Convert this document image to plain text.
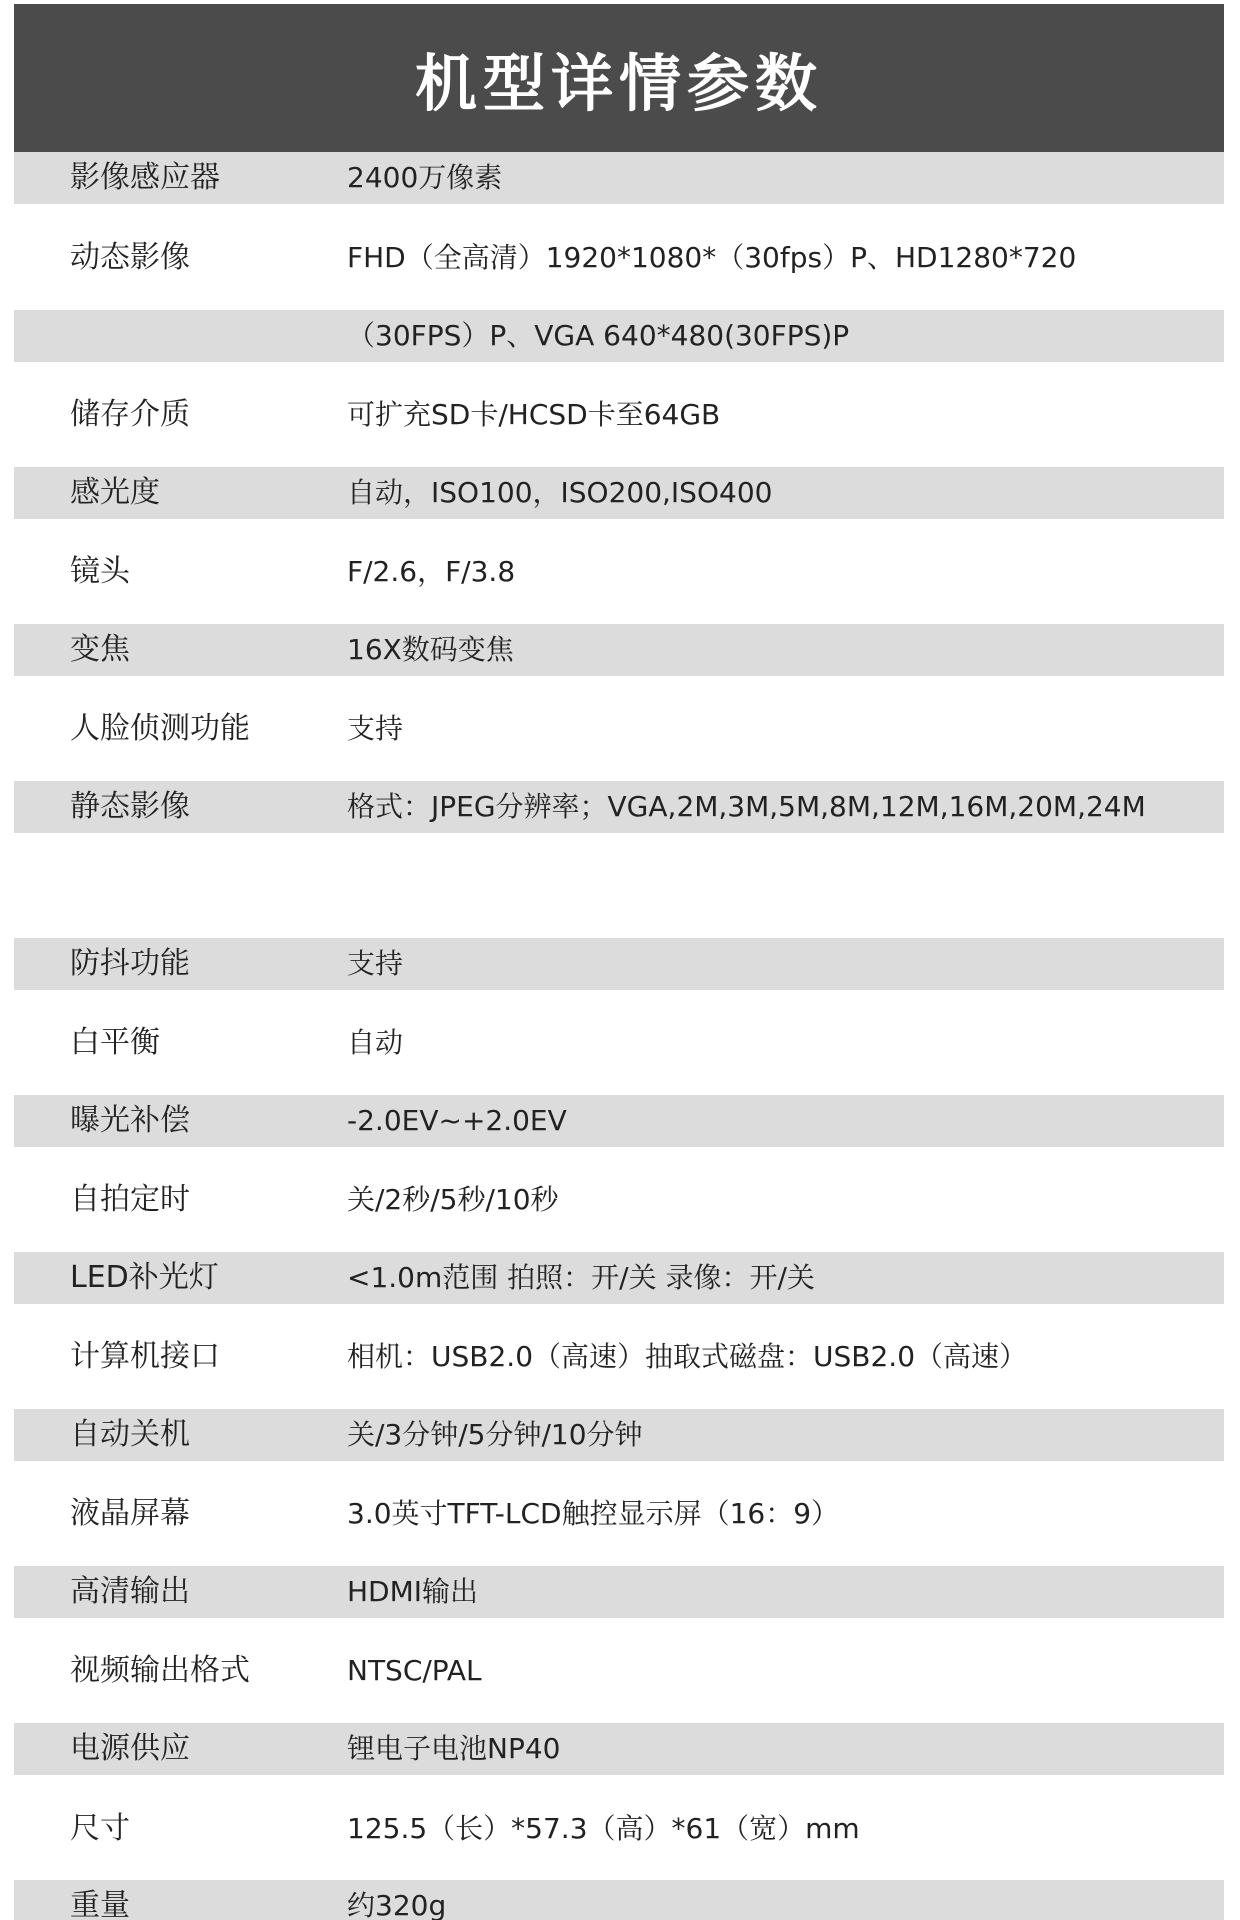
机型详情参数
影像感应器	2400万像素
动态影像	FHD（全高清）1920*1080*（30fps）P、HD1280*720
（30FPS）P、VGA 640*480(30FPS)P
储存介质	可扩充SD卡/HCSD卡至64GB
感光度	自动，ISO100，ISO200,ISO400
镜头	F/2.6，F/3.8
变焦	16X数码变焦
人脸侦测功能	支持
静态影像	格式：JPEG分辨率；VGA,2M,3M,5M,8M,12M,16M,20M,24M
防抖功能	支持
白平衡	自动
曝光补偿	-2.0EV~+2.0EV
自拍定时	关/2秒/5秒/10秒
LED补光灯	<1.0m范围 拍照：开/关 录像：开/关
计算机接口	相机：USB2.0（高速）抽取式磁盘：USB2.0（高速）
自动关机	关/3分钟/5分钟/10分钟
液晶屏幕	3.0英寸TFT-LCD触控显示屏（16：9）
高清输出	HDMI输出
视频输出格式	NTSC/PAL
电源供应	锂电子电池NP40
尺寸	125.5（长）*57.3（高）*61（宽）mm
重量	约320g
